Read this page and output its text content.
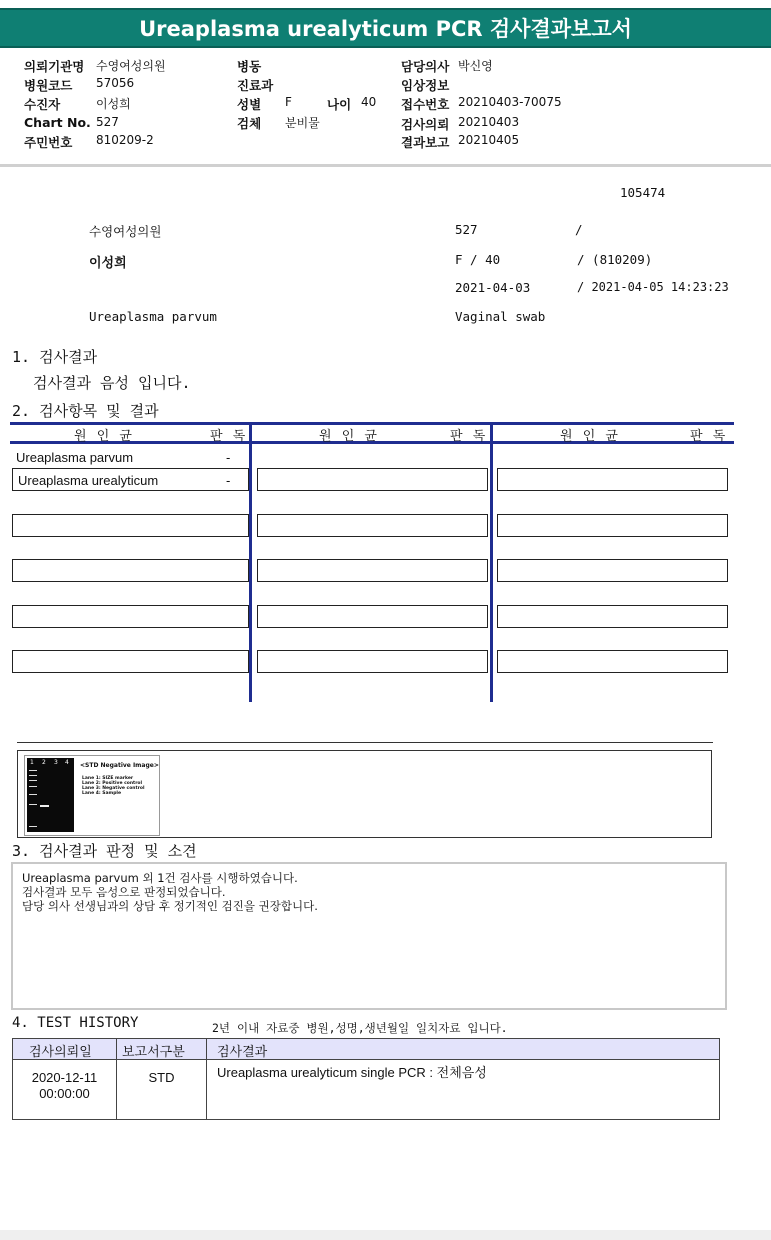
Ureaplasma urealyticum PCR 검사결과보고서
의뢰기관명 수영여성의원
병원코드 57056
수진자	이성희
Chart No. 527
주민번호 810209-2
병동
진료과
성별 F	나이 40
검체 분비물
담당의사 박신영
임상정보
접수번호 20210403-70075
검사의뢰 20210403
결과보고 20210405
105474
수영여성의원	527	/
이성희	F / 40	/ (810209)
2021-04-03	/ 2021-04-05 14:23:23
Ureaplasma parvum	Vaginal swab
1. 검사결과
검사결과 음성 입니다.
2. 검사항목 및 결과
원 인 균	판 독	원 인 균	판 독	원 인 균	판 독
Ureaplasma parvum	-
Ureaplasma urealyticum	-
1 2 3 4 <STD Negative Image>
Lane 1: SIZE marker
Lane 2: Positive control
Lane 3: Negative control
Lane 4: Sample
3. 검사결과 판정 및 소견
Ureaplasma parvum 외 1건 검사를 시행하였습니다.
검사결과 모두 음성으로 판정되었습니다.
담당 의사 선생님과의 상담 후 정기적인 검진을 권장합니다.
4. TEST HISTORY	2년 이내 자료중 병원,성명,생년월일 일치자료 입니다.
검사의뢰일 보고서구분 검사결과
2020-12-11
00:00:00
STD	Ureaplasma urealyticum single PCR : 전체음성
